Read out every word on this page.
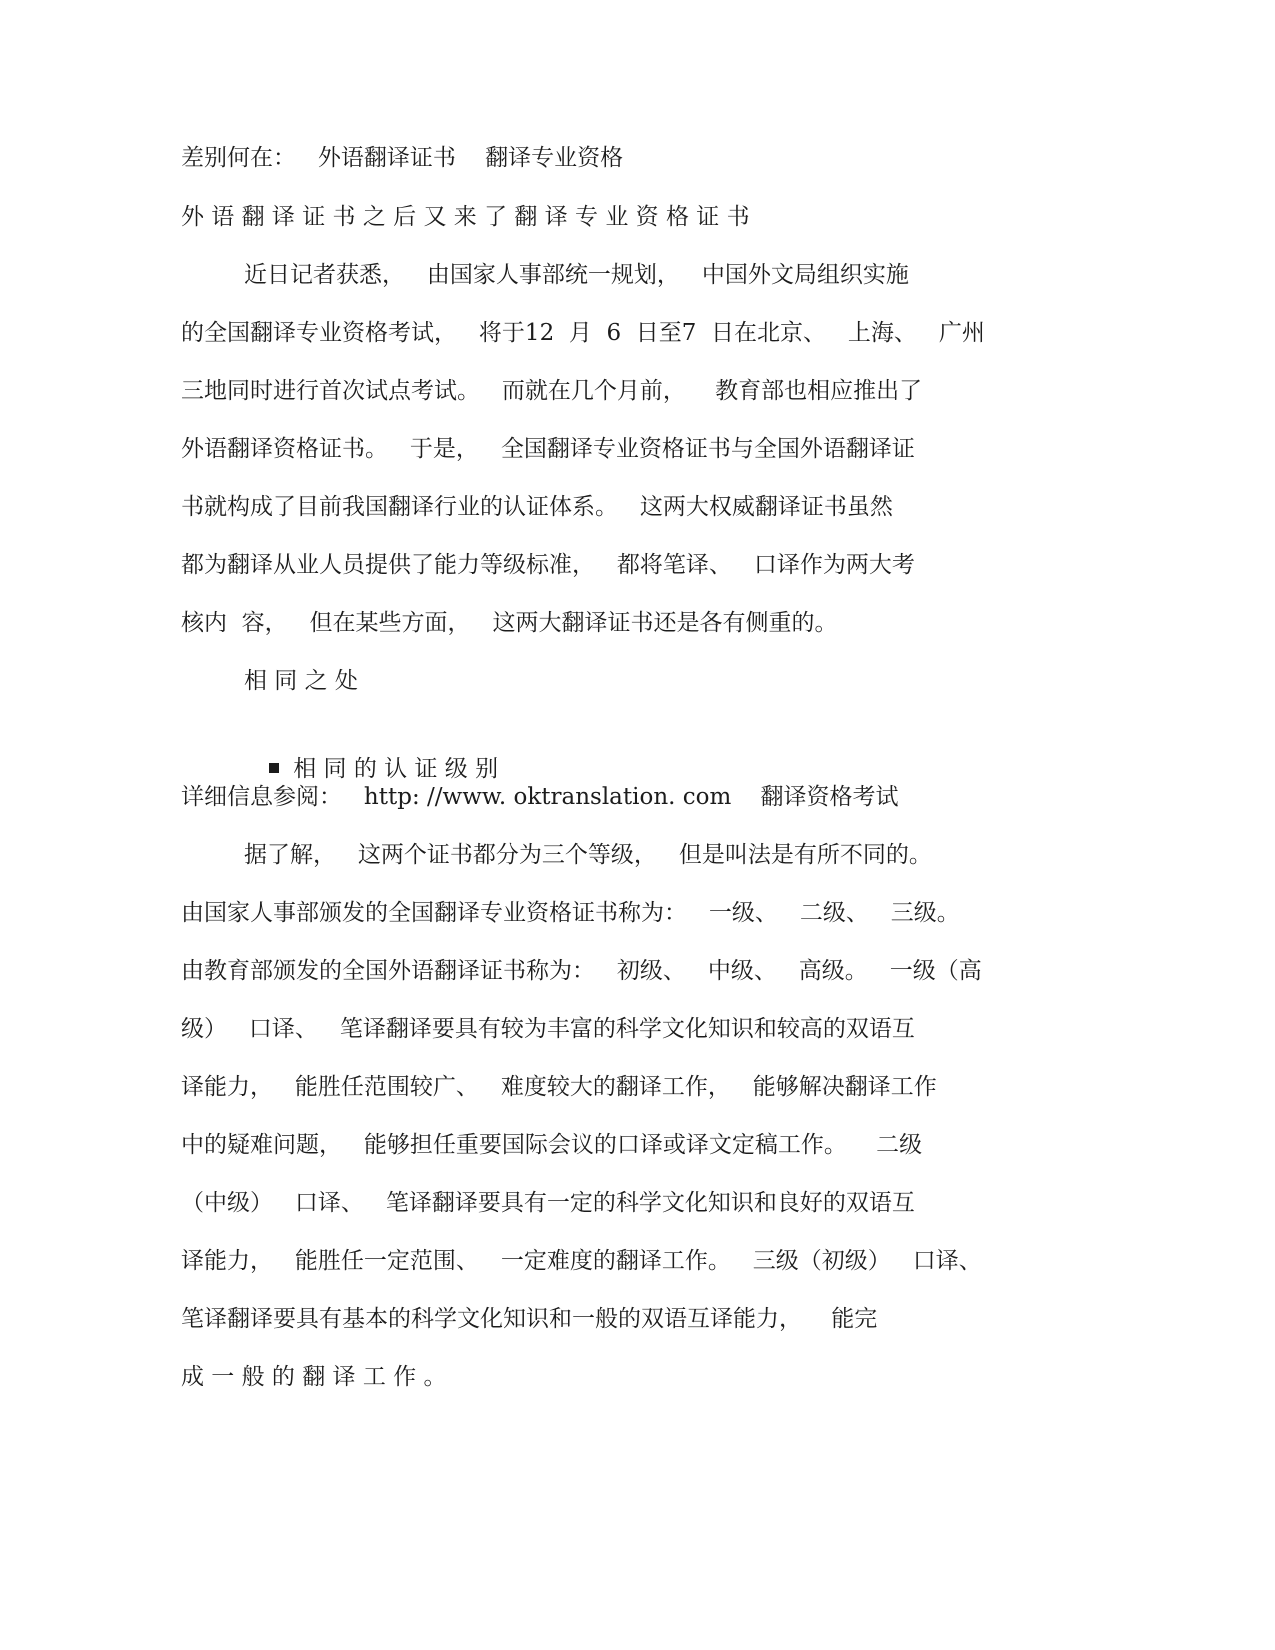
差别何在：   外语翻译证书    翻译专业资格

外 语 翻 译 证 书 之 后 又 来 了 翻 译 专 业 资 格 证 书

近日记者获悉，   由国家人事部统一规划，   中国外文局组织实施

的全国翻译专业资格考试，   将于12  月  6  日至7  日在北京、   上海、   广州

三地同时进行首次试点考试。   而就在几个月前，    教育部也相应推出了

外语翻译资格证书。   于是，   全国翻译专业资格证书与全国外语翻译证

书就构成了目前我国翻译行业的认证体系。   这两大权威翻译证书虽然

都为翻译从业人员提供了能力等级标准，   都将笔译、   口译作为两大考

核内  容，   但在某些方面，   这两大翻译证书还是各有侧重的。

相 同 之 处

相 同 的 认 证 级 别

详细信息参阅：   http: //www. oktranslation. com    翻译资格考试

据了解，   这两个证书都分为三个等级，   但是叫法是有所不同的。

由国家人事部颁发的全国翻译专业资格证书称为：   一级、   二级、   三级。

由教育部颁发的全国外语翻译证书称为：   初级、   中级、   高级。   一级（高

级）   口译、   笔译翻译要具有较为丰富的科学文化知识和较高的双语互

译能力，   能胜任范围较广、   难度较大的翻译工作，   能够解决翻译工作

中的疑难问题，   能够担任重要国际会议的口译或译文定稿工作。    二级

（中级）   口译、   笔译翻译要具有一定的科学文化知识和良好的双语互

译能力，   能胜任一定范围、   一定难度的翻译工作。   三级（初级）   口译、

笔译翻译要具有基本的科学文化知识和一般的双语互译能力，    能完

成 一 般 的 翻 译 工 作 。
